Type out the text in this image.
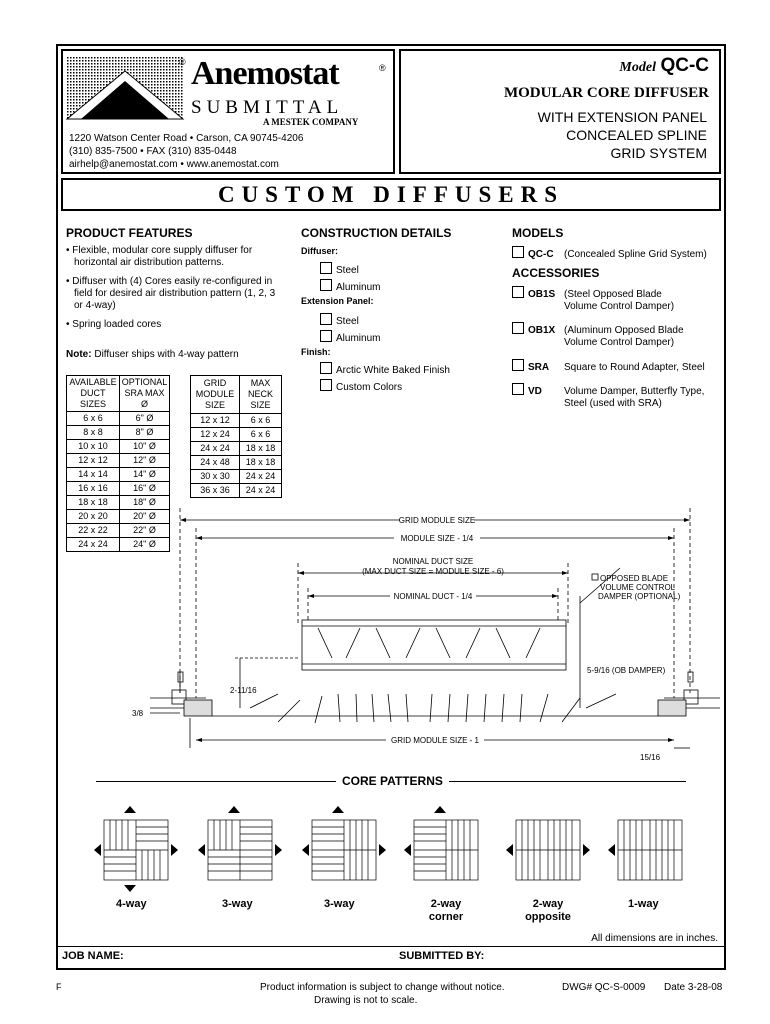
® Anemostat	®
SUBMITTAL
A MESTEK COMPANY
1220 Watson Center Road • Carson, CA 90745-4206
(310) 835-7500 • FAX (310) 835-0448
airhelp@anemostat.com • www.anemostat.com
Model QC-C
MODULAR CORE DIFFUSER
WITH EXTENSION PANEL
CONCEALED SPLINE
GRID SYSTEM
CUSTOM DIFFUSERS
PRODUCT FEATURES
• Flexible, modular core supply diffuser for horizontal air distribution patterns.
• Diffuser with (4) Cores easily re-configured in field for desired air distribution pattern (1, 2, 3 or 4-way)
• Spring loaded cores
Note: Diffuser ships with 4-way pattern
AVAILABLE DUCT SIZES	OPTIONAL SRA MAX Ø
6 x 6	6" Ø
8 x 8	8" Ø
10 x 10	10" Ø
12 x 12	12" Ø
14 x 14	14" Ø
16 x 16	16" Ø
18 x 18	18" Ø
20 x 20	20" Ø
22 x 22	22" Ø
24 x 24	24" Ø
GRID MODULE SIZE	MAX NECK SIZE
12 x 12	6 x 6
12 x 24	6 x 6
24 x 24	18 x 18
24 x 48	18 x 18
30 x 30	24 x 24
36 x 36	24 x 24
CONSTRUCTION DETAILS
Diffuser:
Steel
Aluminum
Extension Panel:
Steel
Aluminum
Finish:
Arctic White Baked Finish
Custom Colors
MODELS
QC-C (Concealed Spline Grid System)
ACCESSORIES
OB1S (Steel Opposed Blade
Volume Control Damper)
OB1X (Aluminum Opposed Blade
Volume Control Damper)
SRA Square to Round Adapter, Steel
VD Volume Damper, Butterfly Type,
Steel (used with SRA)
GRID MODULE SIZE
MODULE SIZE - 1/4
NOMINAL DUCT SIZE
(MAX DUCT SIZE = MODULE SIZE - 6)
NOMINAL DUCT - 1/4
OPPOSED BLADE
VOLUME CONTROL
DAMPER (OPTIONAL)
5-9/16 (OB DAMPER)
2-11/16
3/8
GRID MODULE SIZE - 1
15/16
CORE PATTERNS
4-way	3-way	3-way	2-way
corner
2-way
opposite
1-way
All dimensions are in inches.
JOB NAME:	SUBMITTED BY:
F	Product information is subject to change without notice.
Drawing is not to scale.
DWG# QC-S-0009 Date 3-28-08
